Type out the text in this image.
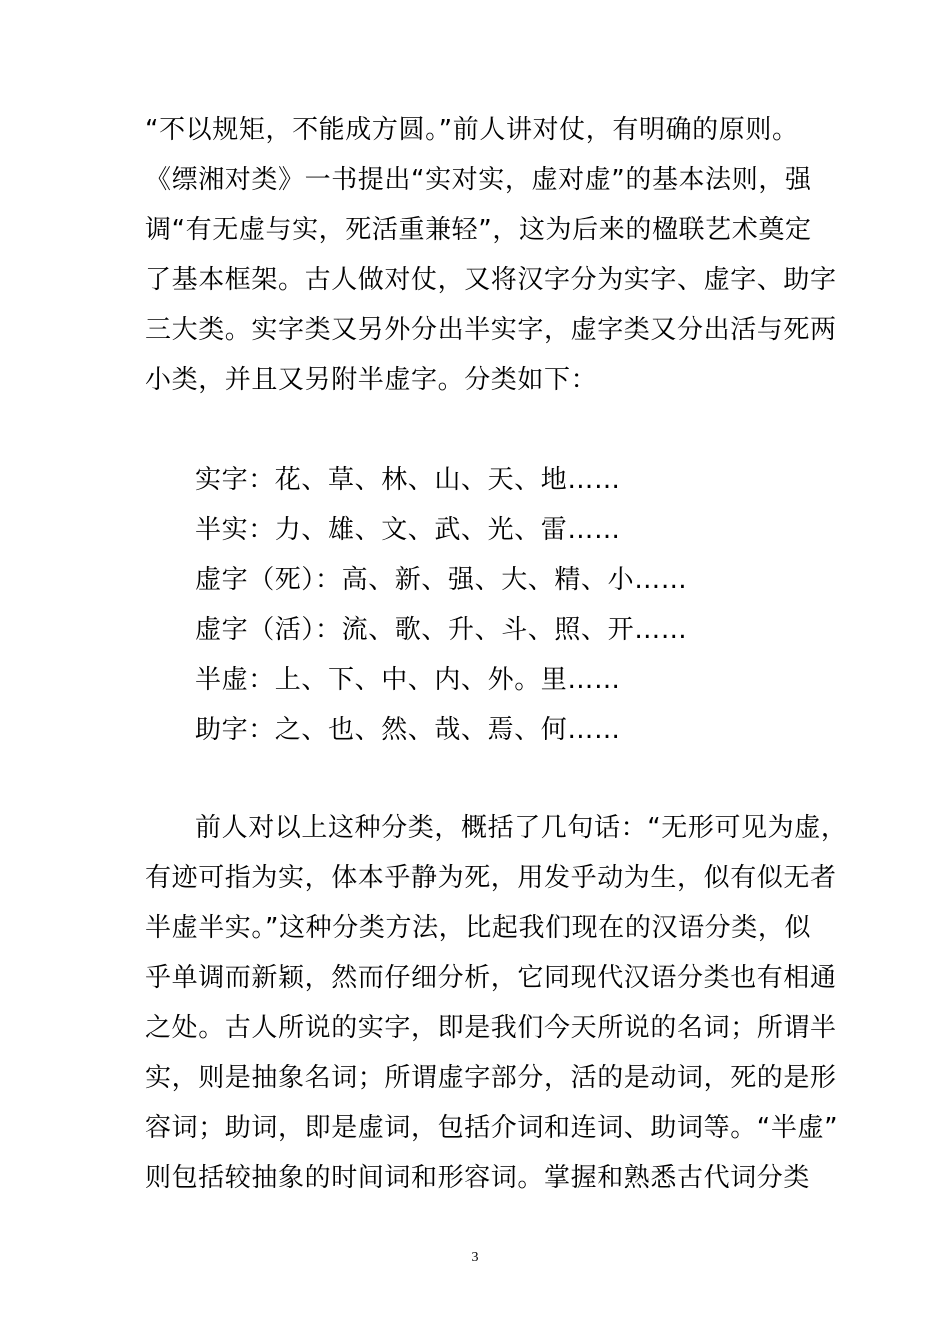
“不以规矩，不能成方圆。”前人讲对仗，有明确的原则。
《缥湘对类》一书提出“实对实，虚对虚”的基本法则，强
调“有无虚与实，死活重兼轻”，这为后来的楹联艺术奠定
了基本框架。古人做对仗，又将汉字分为实字、虚字、助字
三大类。实字类又另外分出半实字，虚字类又分出活与死两
小类，并且又另附半虚字。分类如下：
实字：花、草、林、山、天、地……
半实：力、雄、文、武、光、雷……
虚字（死）：高、新、强、大、精、小……
虚字（活）：流、歌、升、斗、照、开……
半虚：上、下、中、内、外。里……
助字：之、也、然、哉、焉、何……
前人对以上这种分类，概括了几句话：“无形可见为虚，
有迹可指为实，体本乎静为死，用发乎动为生，似有似无者
半虚半实。”这种分类方法，比起我们现在的汉语分类，似
乎单调而新颖，然而仔细分析，它同现代汉语分类也有相通
之处。古人所说的实字，即是我们今天所说的名词；所谓半
实，则是抽象名词；所谓虚字部分，活的是动词，死的是形
容词；助词，即是虚词，包括介词和连词、助词等。“半虚”
则包括较抽象的时间词和形容词。掌握和熟悉古代词分类
3
